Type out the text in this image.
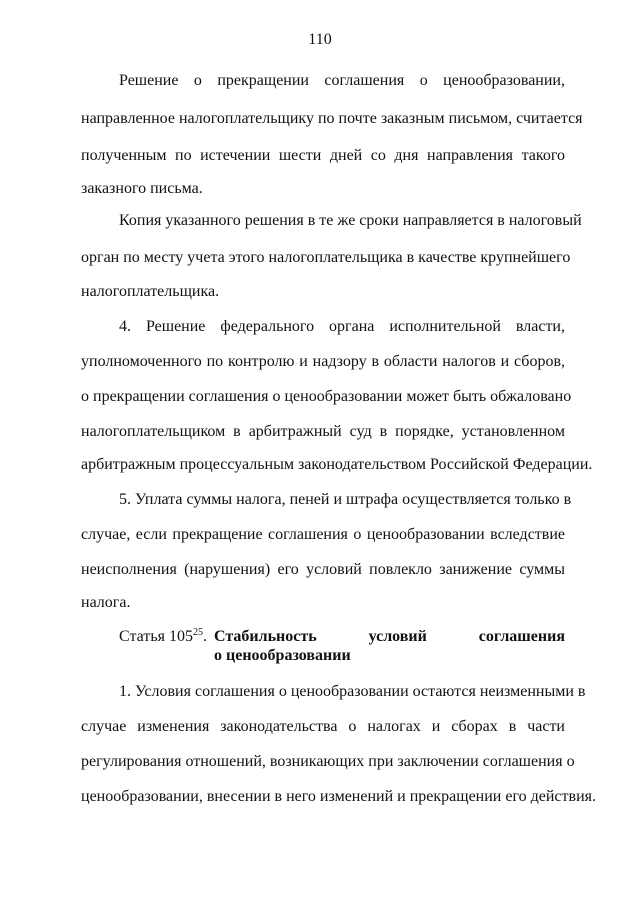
110
Решение о прекращении соглашения о ценообразовании,
направленное налогоплательщику по почте заказным письмом, считается
полученным по истечении шести дней со дня направления такого
заказного письма.
Копия указанного решения в те же сроки направляется в налоговый
орган по месту учета этого налогоплательщика в качестве крупнейшего
налогоплательщика.
4. Решение федерального органа исполнительной власти,
уполномоченного по контролю и надзору в области налогов и сборов,
о прекращении соглашения о ценообразовании может быть обжаловано
налогоплательщиком в арбитражный суд в порядке, установленном
арбитражным процессуальным законодательством Российской Федерации.
5. Уплата суммы налога, пеней и штрафа осуществляется только в
случае, если прекращение соглашения о ценообразовании вследствие
неисполнения (нарушения) его условий повлекло занижение суммы
налога.
Статья $105^{25}$. Стабильность условий соглашения
о ценообразовании
1. Условия соглашения о ценообразовании остаются неизменными в
случае изменения законодательства о налогах и сборах в части
регулирования отношений, возникающих при заключении соглашения о
ценообразовании, внесении в него изменений и прекращении его действия.
